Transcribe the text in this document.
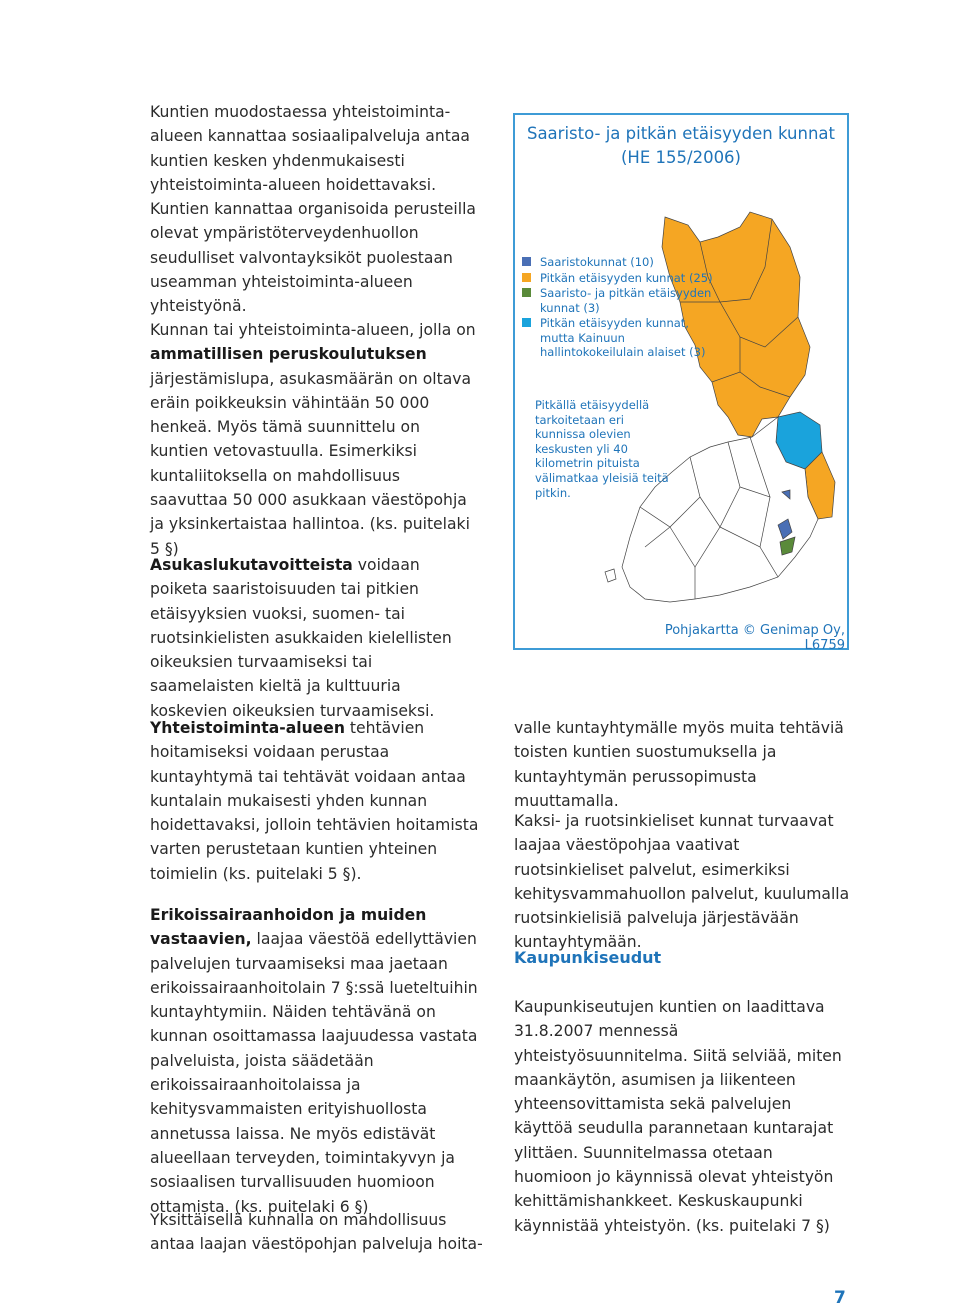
Kuntien muodostaessa yhteistoiminta-alueen kannattaa sosiaalipalveluja antaa kuntien kesken yhdenmukaisesti yhteistoiminta-alueen hoidettavaksi. Kuntien kannattaa organisoida perusteilla olevat ympäristöterveydenhuollon seudulliset valvontayksiköt puolestaan useamman yhteistoiminta-alueen yhteistyönä.

Kunnan tai yhteistoiminta-alueen, jolla on ammatillisen peruskoulutuksen järjestämislupa, asukasmäärän on oltava eräin poikkeuksin vähintään 50 000 henkeä. Myös tämä suunnittelu on kuntien vetovastuulla. Esimerkiksi kuntaliitoksella on mahdollisuus saavuttaa 50 000 asukkaan väestöpohja ja yksinkertaistaa hallintoa. (ks. puitelaki 5 §)

Asukaslukutavoitteista voidaan poiketa saaristoisuuden tai pitkien etäisyyksien vuoksi, suomen- tai ruotsinkielisten asukkaiden kielellisten oikeuksien turvaamiseksi tai saamelaisten kieltä ja kulttuuria koskevien oikeuksien turvaamiseksi.

Yhteistoiminta-alueen tehtävien hoitamiseksi voidaan perustaa kuntayhtymä tai tehtävät voidaan antaa kuntalain mukaisesti yhden kunnan hoidettavaksi, jolloin tehtävien hoitamista varten perustetaan kuntien yhteinen toimielin (ks. puitelaki 5 §).

Erikoissairaanhoidon ja muiden vastaavien, laajaa väestöä edellyttävien palvelujen turvaamiseksi maa jaetaan erikoissairaanhoitolain 7 §:ssä lueteltuihin kuntayhtymiin. Näiden tehtävänä on kunnan osoittamassa laajuudessa vastata palveluista, joista säädetään erikoissairaanhoitolaissa ja kehitysvammaisten erityishuollosta annetussa laissa. Ne myös edistävät alueellaan terveyden, toimintakyvyn ja sosiaalisen turvallisuuden huomioon ottamista. (ks. puitelaki 6 §)

Yksittäisellä kunnalla on mahdollisuus antaa laajan väestöpohjan palveluja hoita-

valle kuntayhtymälle myös muita tehtäviä toisten kuntien suostumuksella ja kuntayhtymän perussopimusta muuttamalla.

Kaksi- ja ruotsinkieliset kunnat turvaavat laajaa väestöpohjaa vaativat ruotsinkieliset palvelut, esimerkiksi kehitysvammahuollon palvelut, kuulumalla ruotsinkielisiä palveluja järjestävään kuntayhtymään.

Kaupunkiseudut

Kaupunkiseutujen kuntien on laadittava 31.8.2007 mennessä yhteistyösuunnitelma. Siitä selviää, miten maankäytön, asumisen ja liikenteen yhteensovittamista sekä palvelujen käyttöä seudulla parannetaan kuntarajat ylittäen. Suunnitelmassa otetaan huomioon jo käynnissä olevat yhteistyön kehittämishankkeet. Keskuskaupunki käynnistää yhteistyön. (ks. puitelaki 7 §)

Saaristo- ja pitkän etäisyyden kunnat
(HE 155/2006)
Saaristokunnat (10)
Pitkän etäisyyden kunnat (25)
Saaristo- ja pitkän etäisyyden kunnat (3)
Pitkän etäisyyden kunnat, mutta Kainuun hallintokokeilulain alaiset (3)
Pitkällä etäisyydellä tarkoitetaan eri kunnissa olevien keskusten yli 40 kilometrin pituista välimatkaa yleisiä teitä pitkin.
Pohjakartta © Genimap Oy, L6759
7
